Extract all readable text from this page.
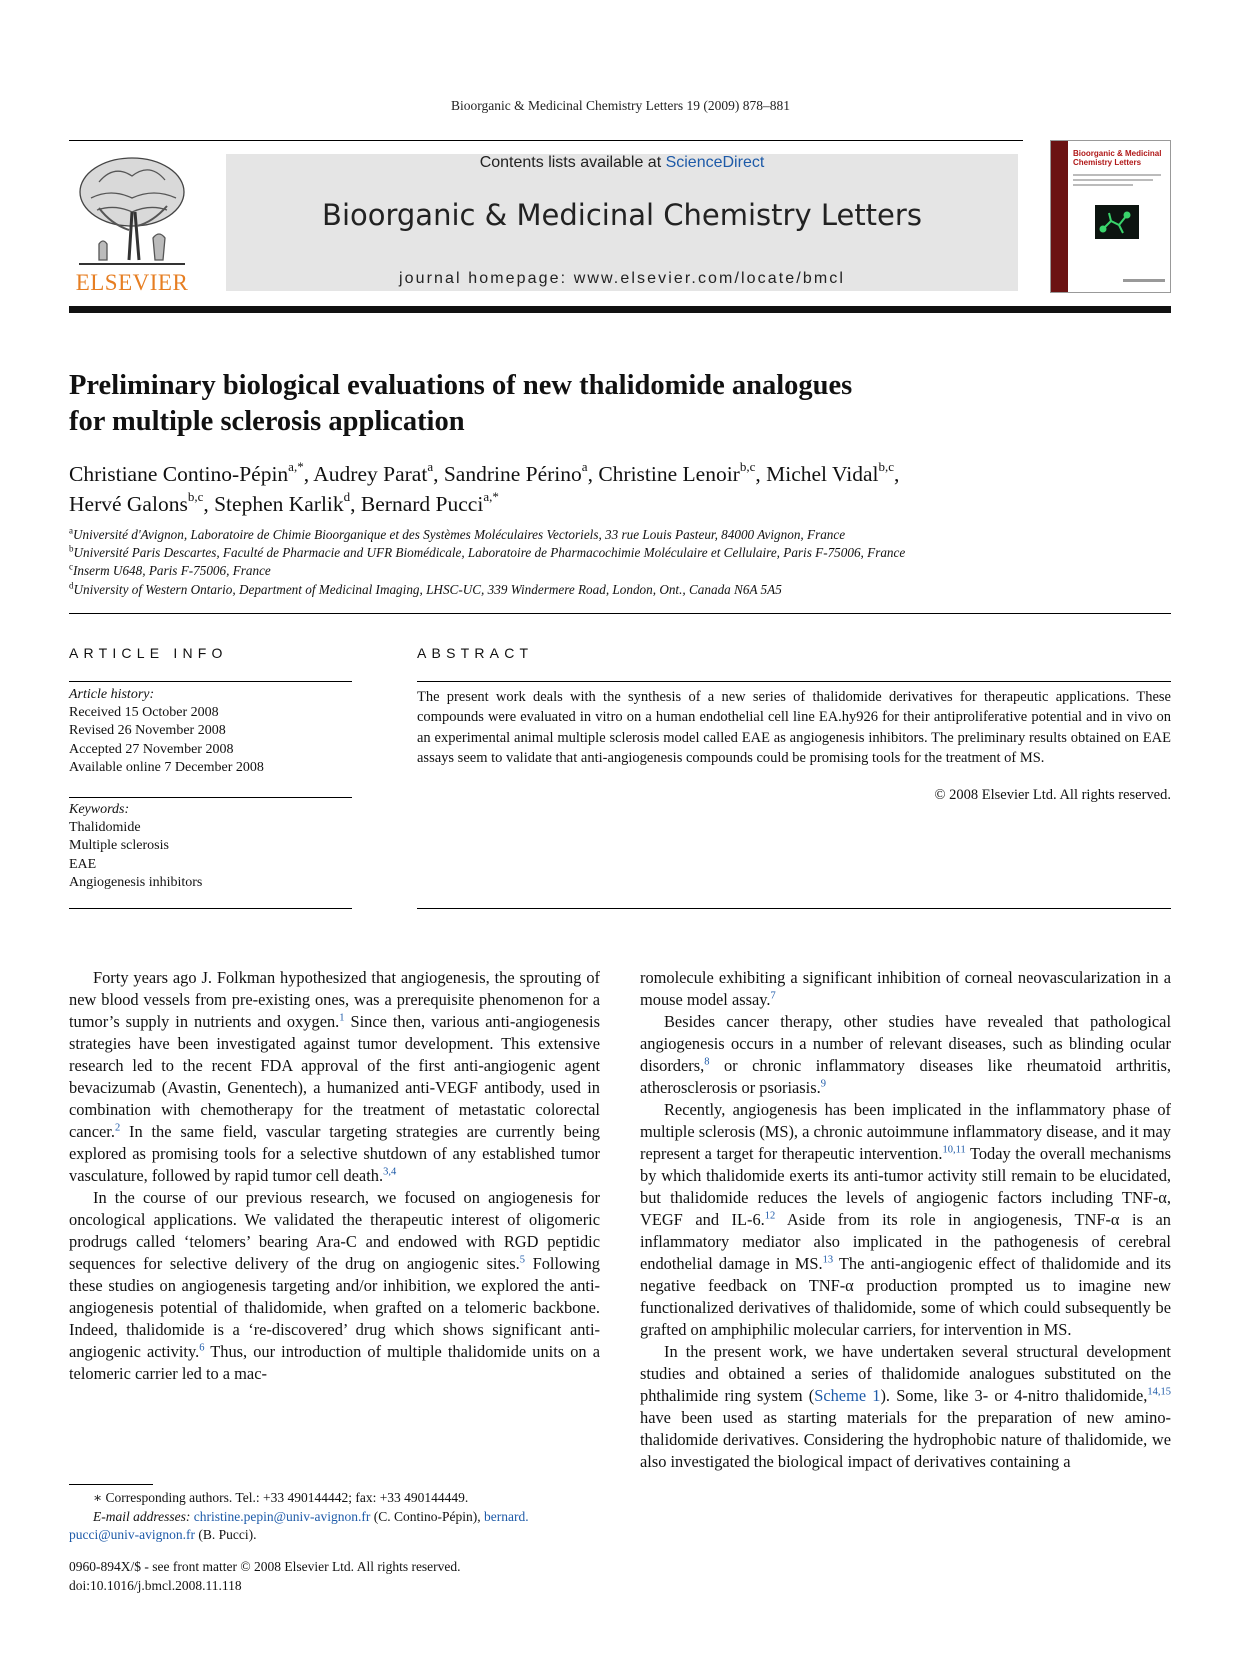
Bioorganic & Medicinal Chemistry Letters 19 (2009) 878–881
ELSEVIER
Contents lists available at ScienceDirect
Bioorganic & Medicinal Chemistry Letters
journal homepage: www.elsevier.com/locate/bmcl
Bioorganic & Medicinal Chemistry Letters
Preliminary biological evaluations of new thalidomide analogues
for multiple sclerosis application
Christiane Contino-Pépin$^{a,*}$, Audrey Parat$^a$, Sandrine Périno$^a$, Christine Lenoir$^{b,c}$, Michel Vidal$^{b,c}$,
Hervé Galons$^{b,c}$, Stephen Karlik$^d$, Bernard Pucci$^{a,*}$
$^a$Université d'Avignon, Laboratoire de Chimie Bioorganique et des Systèmes Moléculaires Vectoriels, 33 rue Louis Pasteur, 84000 Avignon, France
$^b$Université Paris Descartes, Faculté de Pharmacie and UFR Biomédicale, Laboratoire de Pharmacochimie Moléculaire et Cellulaire, Paris F-75006, France
$^c$Inserm U648, Paris F-75006, France
$^d$University of Western Ontario, Department of Medicinal Imaging, LHSC-UC, 339 Windermere Road, London, Ont., Canada N6A 5A5
ARTICLE INFO
Article history:
Received 15 October 2008
Revised 26 November 2008
Accepted 27 November 2008
Available online 7 December 2008
Keywords:
Thalidomide
Multiple sclerosis
EAE
Angiogenesis inhibitors
ABSTRACT
The present work deals with the synthesis of a new series of thalidomide derivatives for therapeutic applications. These compounds were evaluated in vitro on a human endothelial cell line EA.hy926 for their antiproliferative potential and in vivo on an experimental animal multiple sclerosis model called EAE as angiogenesis inhibitors. The preliminary results obtained on EAE assays seem to validate that anti-angiogenesis compounds could be promising tools for the treatment of MS.
© 2008 Elsevier Ltd. All rights reserved.

Forty years ago J. Folkman hypothesized that angiogenesis, the sprouting of new blood vessels from pre-existing ones, was a prerequisite phenomenon for a tumor’s supply in nutrients and oxygen.$^1$ Since then, various anti-angiogenesis strategies have been investigated against tumor development. This extensive research led to the recent FDA approval of the first anti-angiogenic agent bevacizumab (Avastin, Genentech), a humanized anti-VEGF antibody, used in combination with chemotherapy for the treatment of metastatic colorectal cancer.$^2$ In the same field, vascular targeting strategies are currently being explored as promising tools for a selective shutdown of any established tumor vasculature, followed by rapid tumor cell death.$^{3,4}$

In the course of our previous research, we focused on angiogenesis for oncological applications. We validated the therapeutic interest of oligomeric prodrugs called ‘telomers’ bearing Ara-C and endowed with RGD peptidic sequences for selective delivery of the drug on angiogenic sites.$^5$ Following these studies on angiogenesis targeting and/or inhibition, we explored the anti-angiogenesis potential of thalidomide, when grafted on a telomeric backbone. Indeed, thalidomide is a ‘re-discovered’ drug which shows significant anti-angiogenic activity.$^6$ Thus, our introduction of multiple thalidomide units on a telomeric carrier led to a mac-

romolecule exhibiting a significant inhibition of corneal neovascularization in a mouse model assay.$^7$

Besides cancer therapy, other studies have revealed that pathological angiogenesis occurs in a number of relevant diseases, such as blinding ocular disorders,$^8$ or chronic inflammatory diseases like rheumatoid arthritis, atherosclerosis or psoriasis.$^9$

Recently, angiogenesis has been implicated in the inflammatory phase of multiple sclerosis (MS), a chronic autoimmune inflammatory disease, and it may represent a target for therapeutic intervention.$^{10,11}$ Today the overall mechanisms by which thalidomide exerts its anti-tumor activity still remain to be elucidated, but thalidomide reduces the levels of angiogenic factors including TNF-α, VEGF and IL-6.12 Aside from its role in angiogenesis, TNF-α is an inflammatory mediator also implicated in the pathogenesis of cerebral endothelial damage in MS.$^{13}$ The anti-angiogenic effect of thalidomide and its negative feedback on TNF-α production prompted us to imagine new functionalized derivatives of thalidomide, some of which could subsequently be grafted on amphiphilic molecular carriers, for intervention in MS.

In the present work, we have undertaken several structural development studies and obtained a series of thalidomide analogues substituted on the phthalimide ring system (Scheme 1). Some, like 3- or 4-nitro thalidomide,$^{14,15}$ have been used as starting materials for the preparation of new amino-thalidomide derivatives. Considering the hydrophobic nature of thalidomide, we also investigated the biological impact of derivatives containing a

∗ Corresponding authors. Tel.: +33 490144442; fax: +33 490144449.
E-mail addresses: christine.pepin@univ-avignon.fr (C. Contino-Pépin), bernard.
pucci@univ-avignon.fr (B. Pucci).
0960-894X/$ - see front matter © 2008 Elsevier Ltd. All rights reserved.
doi:10.1016/j.bmcl.2008.11.118
